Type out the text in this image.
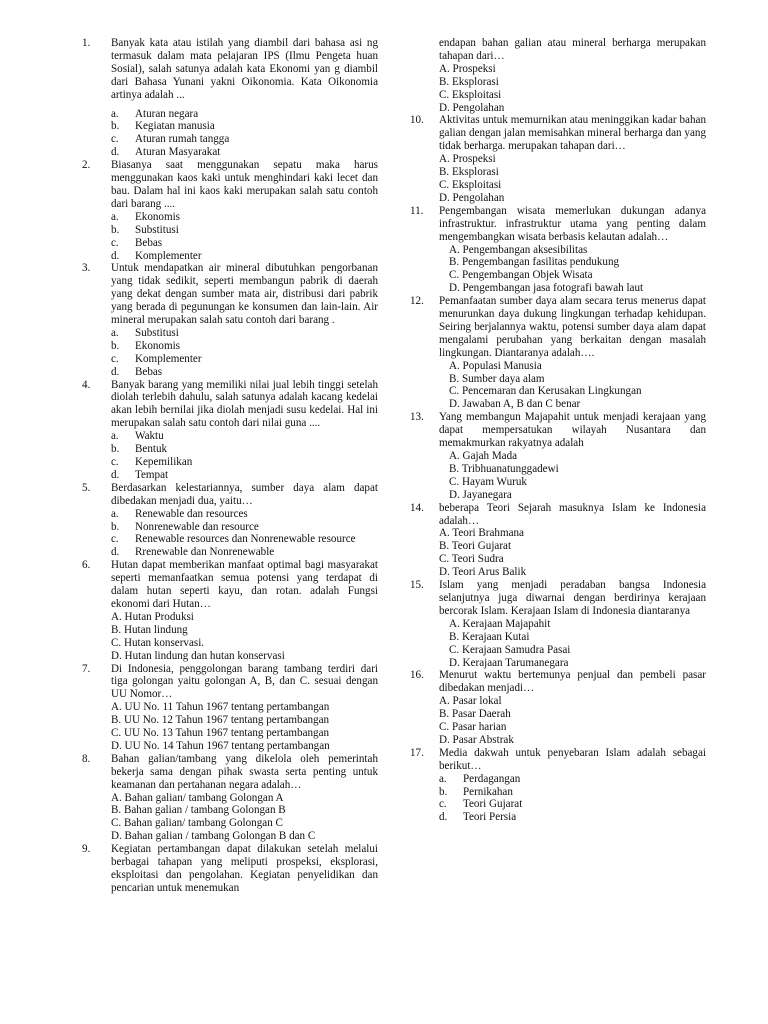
1.	Banyak kata atau istilah yang diambil dari bahasa asi ng termasuk dalam mata pelajaran IPS (Ilmu Pengeta huan Sosial), salah satunya adalah kata Ekonomi yan g diambil dari Bahasa Yunani yakni Oikonomia. Kata Oikonomia artinya adalah ...
a. Aturan negara
b. Kegiatan manusia
c. Aturan rumah tangga
d. Aturan Masyarakat
2.	Biasanya saat menggunakan sepatu maka harus menggunakan kaos kaki untuk menghindari kaki lecet dan bau. Dalam hal ini kaos kaki merupakan salah satu contoh dari barang ....
a. Ekonomis
b. Substitusi
c. Bebas
d. Komplementer
3.	Untuk mendapatkan air mineral dibutuhkan pengorbanan yang tidak sedikit, seperti membangun pabrik di daerah yang dekat dengan sumber mata air, distribusi dari pabrik yang berada di pegunungan ke konsumen dan lain-lain. Air mineral merupakan salah satu contoh dari barang .
a. Substitusi
b. Ekonomis
c. Komplementer
d. Bebas
4.	Banyak barang yang memiliki nilai jual lebih tinggi setelah diolah terlebih dahulu, salah satunya adalah kacang kedelai akan lebih bernilai jika diolah menjadi susu kedelai. Hal ini merupakan salah satu contoh dari nilai guna ....
a. Waktu
b. Bentuk
c. Kepemilikan
d. Tempat
5.	Berdasarkan kelestariannya, sumber daya alam dapat dibedakan menjadi dua, yaitu…
a. Renewable dan resources
b. Nonrenewable dan resource
c. Renewable resources dan Nonrenewable resource
d. Rrenewable dan Nonrenewable
6.	Hutan dapat memberikan manfaat optimal bagi masyarakat seperti memanfaatkan semua potensi yang terdapat di dalam hutan seperti kayu, dan rotan. adalah Fungsi ekonomi dari Hutan…
A. Hutan Produksi
B. Hutan lindung
C. Hutan konservasi.
D. Hutan lindung dan hutan konservasi
7.	Di Indonesia, penggolongan barang tambang terdiri dari tiga golongan yaitu golongan A, B, dan C. sesuai dengan UU Nomor…
A. UU No. 11 Tahun 1967 tentang pertambangan
B. UU No. 12 Tahun 1967 tentang pertambangan
C. UU No. 13 Tahun 1967 tentang pertambangan
D. UU No. 14 Tahun 1967 tentang pertambangan
8.	Bahan galian/tambang yang dikelola oleh pemerintah bekerja sama dengan pihak swasta serta penting untuk keamanan dan pertahanan negara adalah…
A. Bahan galian/ tambang Golongan A
B. Bahan galian / tambang Golongan B
C. Bahan galian/ tambang Golongan C
D. Bahan galian / tambang Golongan B dan C
9.	Kegiatan pertambangan dapat dilakukan setelah melalui berbagai tahapan yang meliputi prospeksi, eksplorasi, eksploitasi dan pengolahan. Kegiatan penyelidikan dan pencarian untuk menemukan
endapan bahan galian atau mineral berharga merupakan tahapan dari…
A. Prospeksi
B. Eksplorasi
C. Eksploitasi
D. Pengolahan
10.	Aktivitas untuk memurnikan atau meninggikan kadar bahan galian dengan jalan memisahkan mineral berharga dan yang tidak berharga. merupakan tahapan dari…
A. Prospeksi
B. Eksplorasi
C. Eksploitasi
D. Pengolahan
11.	Pengembangan wisata memerlukan dukungan adanya infrastruktur. infrastruktur utama yang penting dalam mengembangkan wisata berbasis kelautan adalah…
A. Pengembangan aksesibilitas
B. Pengembangan fasilitas pendukung
C. Pengembangan Objek Wisata
D. Pengembangan jasa fotografi bawah laut
12.	Pemanfaatan sumber daya alam secara terus menerus dapat menurunkan daya dukung lingkungan terhadap kehidupan. Seiring berjalannya waktu, potensi sumber daya alam dapat mengalami perubahan yang berkaitan dengan masalah lingkungan. Diantaranya adalah….
A. Populasi Manusia
B. Sumber daya alam
C. Pencemaran dan Kerusakan Lingkungan
D. Jawaban A, B dan C benar
13.	Yang membangun Majapahit untuk menjadi kerajaan yang dapat mempersatukan wilayah Nusantara dan memakmurkan rakyatnya adalah
A. Gajah Mada
B. Tribhuanatunggadewi
C. Hayam Wuruk
D. Jayanegara
14.	beberapa Teori Sejarah masuknya Islam ke Indonesia adalah…
A. Teori Brahmana
B. Teori Gujarat
C. Teori Sudra
D. Teori Arus Balik
15.	Islam yang menjadi peradaban bangsa Indonesia selanjutnya juga diwarnai dengan berdirinya kerajaan bercorak Islam. Kerajaan Islam di Indonesia diantaranya
A. Kerajaan Majapahit
B. Kerajaan Kutai
C. Kerajaan Samudra Pasai
D. Kerajaan Tarumanegara
16.	Menurut waktu bertemunya penjual dan pembeli pasar dibedakan menjadi…
A. Pasar lokal
B. Pasar Daerah
C. Pasar harian
D. Pasar Abstrak
17.	Media dakwah untuk penyebaran Islam adalah sebagai berikut…
a. Perdagangan
b. Pernikahan
c. Teori Gujarat
d. Teori Persia
